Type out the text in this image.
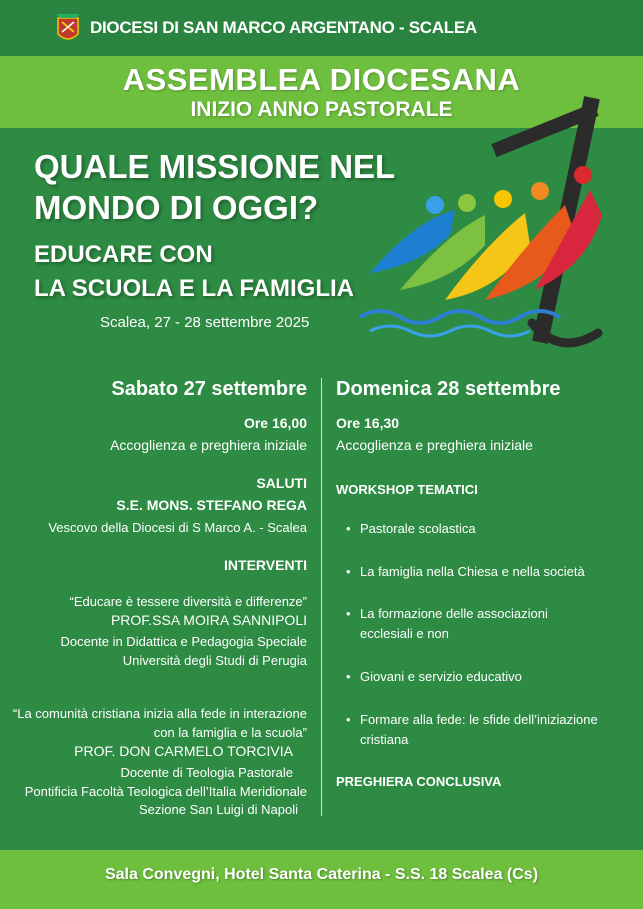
DIOCESI DI SAN MARCO ARGENTANO - SCALEA
ASSEMBLEA DIOCESANA
INIZIO ANNO PASTORALE
QUALE MISSIONE NEL
MONDO DI OGGI?
EDUCARE CON
LA SCUOLA E LA FAMIGLIA
Scalea, 27 - 28 settembre 2025
Sabato 27 settembre
Ore 16,00
Accoglienza e preghiera iniziale
SALUTI
S.E. MONS. STEFANO REGA
Vescovo della Diocesi di S Marco A. - Scalea
INTERVENTI
“Educare è tessere diversità e differenze”
PROF.SSA MOIRA SANNIPOLI
Docente in Didattica e Pedagogia Speciale
Università degli Studi di Perugia
“La comunità cristiana inizia alla fede in interazione
con la famiglia e la scuola”
PROF. DON CARMELO TORCIVIA
Docente di Teologia Pastorale
Pontificia Facoltà Teologica dell’Italia Meridionale
Sezione San Luigi di Napoli
Domenica 28 settembre
Ore 16,30
Accoglienza e preghiera iniziale
WORKSHOP TEMATICI
• Pastorale scolastica
• La famiglia nella Chiesa e nella società
• La formazione delle associazioni
• Giovani e servizio educativo
• Formare alla fede: le sfide dell’iniziazione
ecclesiali e non
cristiana
PREGHIERA CONCLUSIVA
Sala Convegni, Hotel Santa Caterina - S.S. 18 Scalea (Cs)
